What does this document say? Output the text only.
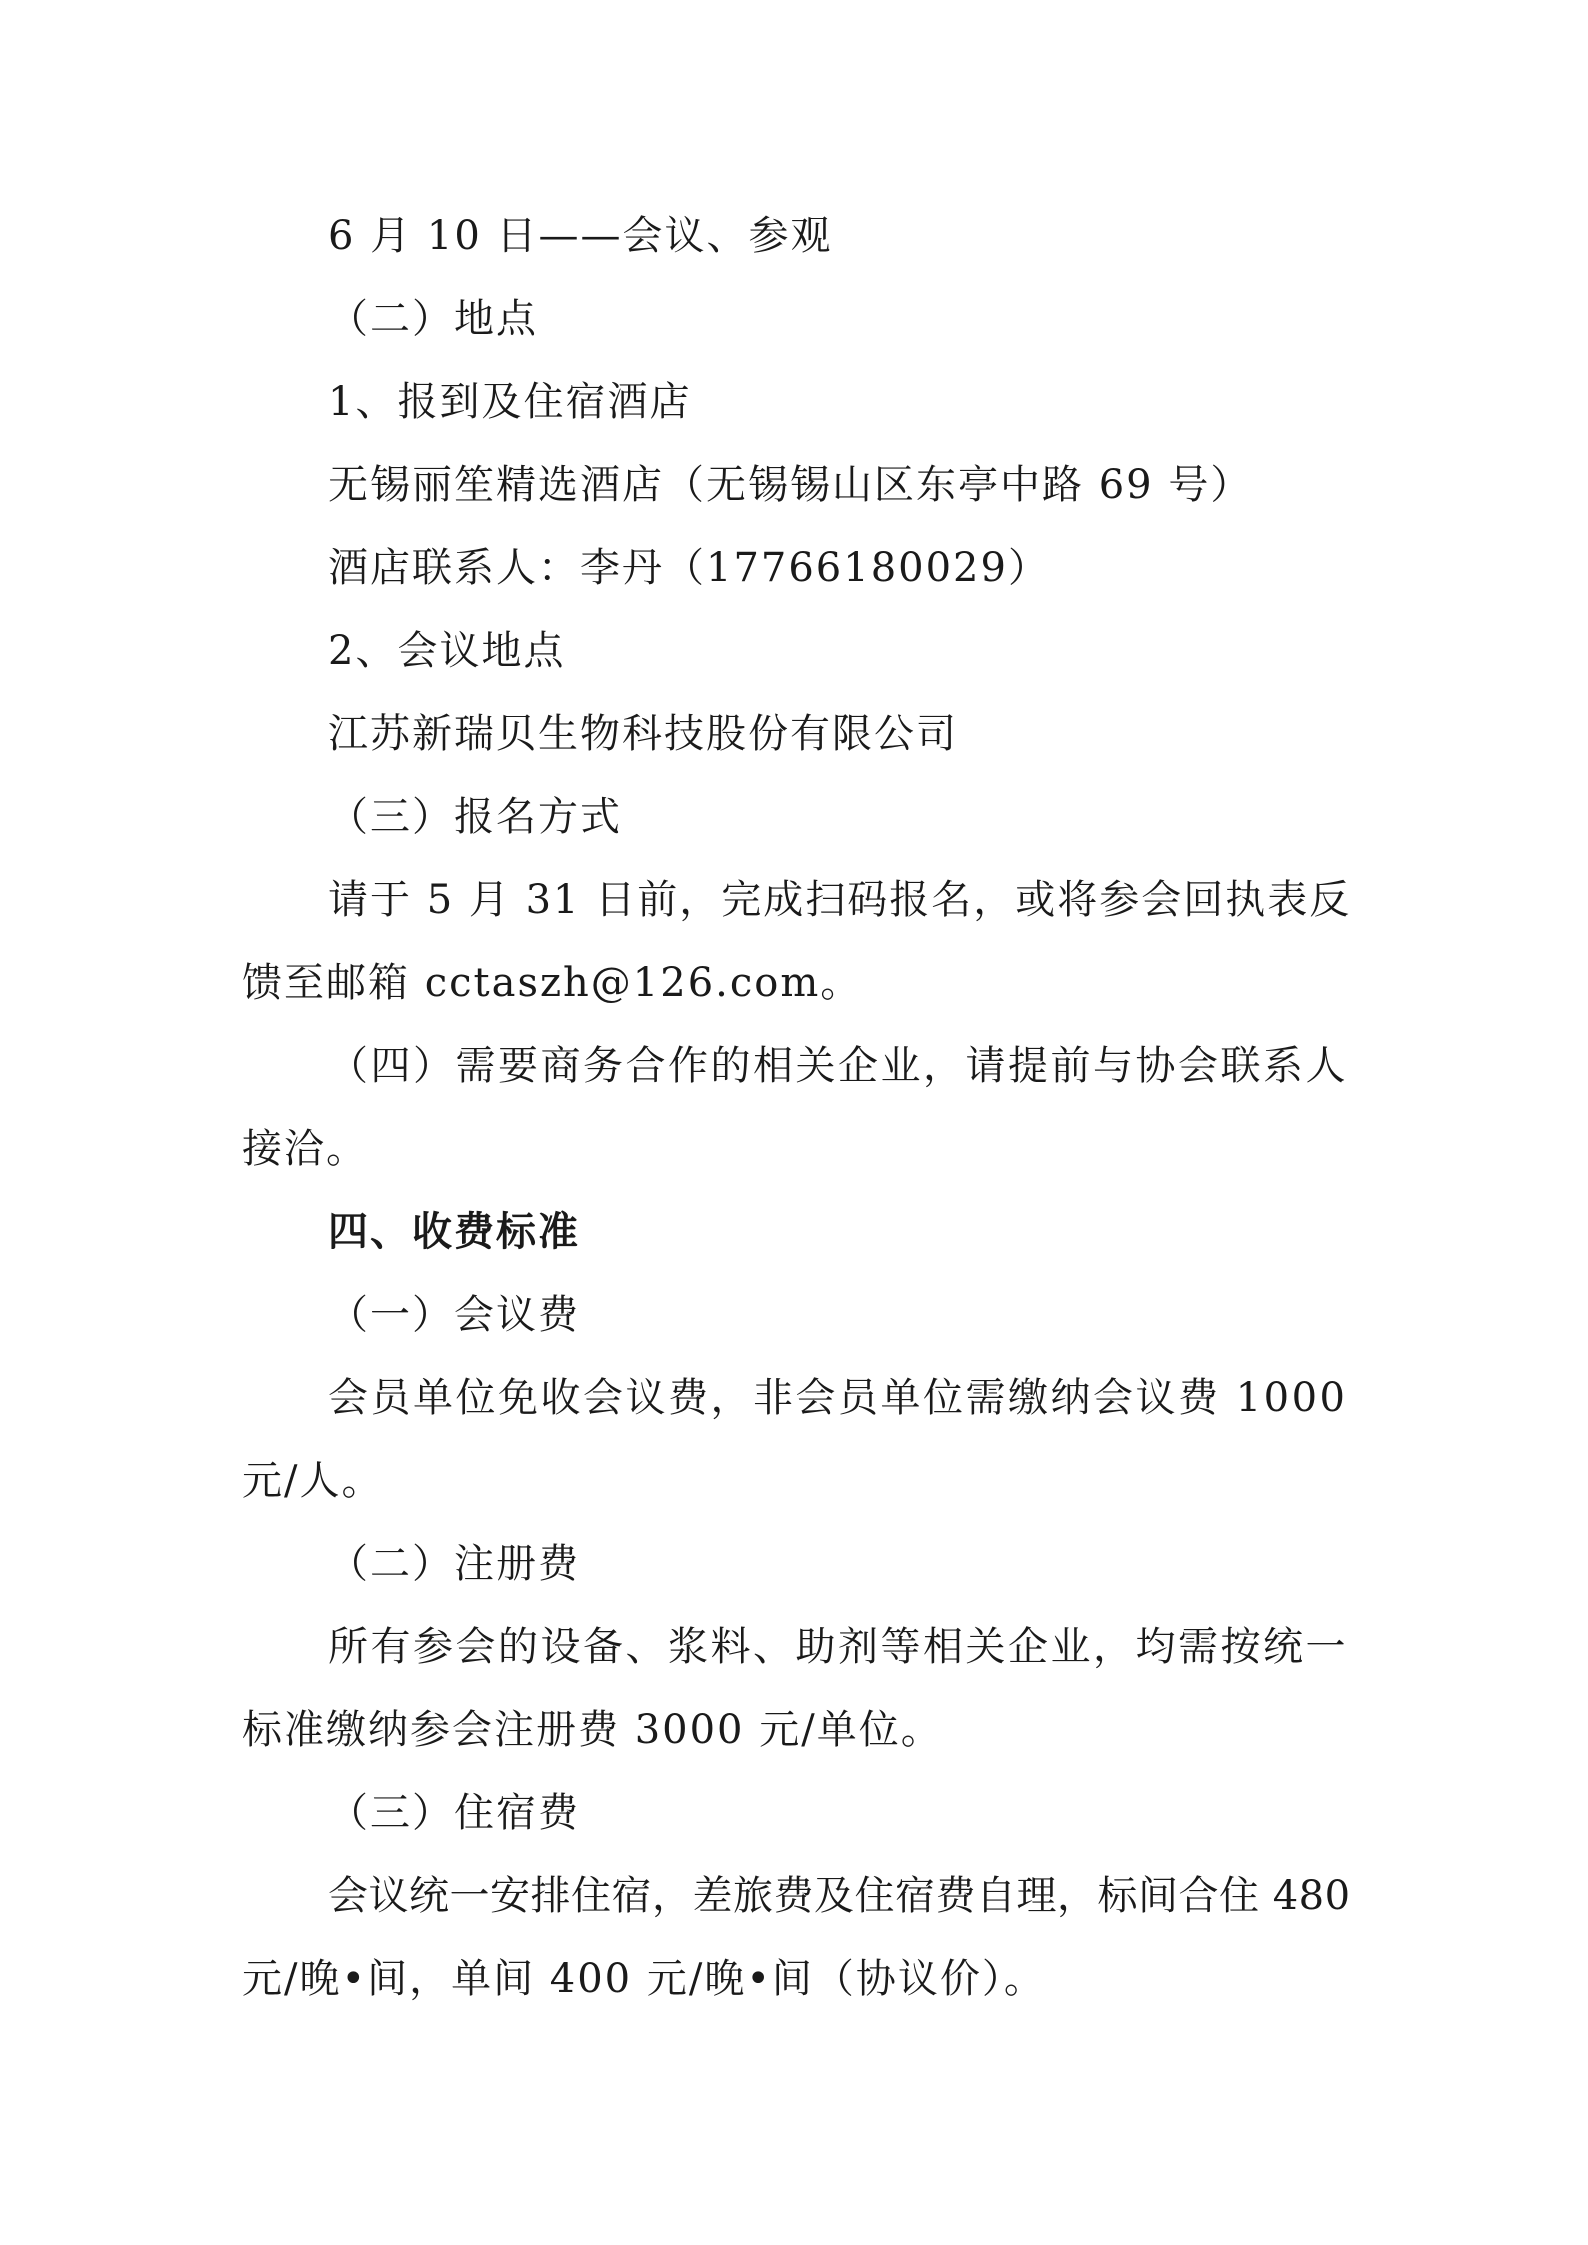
6 月 10 日——会议、参观

（二）地点

1、报到及住宿酒店

无锡丽笙精选酒店（无锡锡山区东亭中路 69 号）

酒店联系人：李丹（17766180029）

2、会议地点

江苏新瑞贝生物科技股份有限公司

（三）报名方式

请于 5 月 31 日前，完成扫码报名，或将参会回执表反

馈至邮箱 cctaszh@126.com。

（四）需要商务合作的相关企业，请提前与协会联系人

接洽。

四、收费标准

（一）会议费

会员单位免收会议费，非会员单位需缴纳会议费 1000

元/人。

（二）注册费

所有参会的设备、浆料、助剂等相关企业，均需按统一

标准缴纳参会注册费 3000 元/单位。

（三）住宿费

会议统一安排住宿，差旅费及住宿费自理，标间合住 480

元/晚•间，单间 400 元/晚•间（协议价）。
